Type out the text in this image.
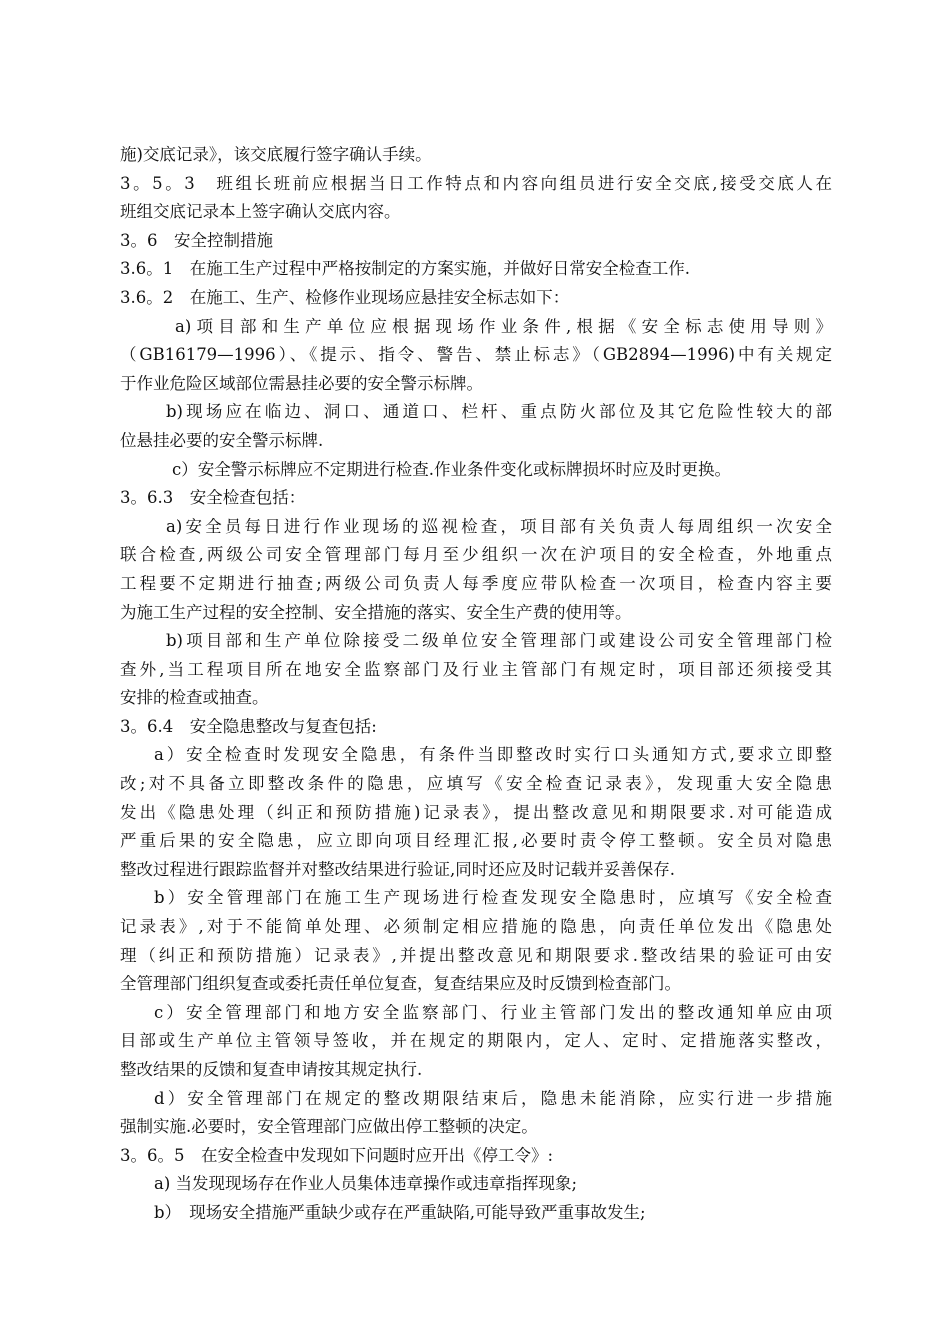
施)交底记录》，该交底履行签字确认手续。
3。5。3　班组长班前应根据当日工作特点和内容向组员进行安全交底,接受交底人在
班组交底记录本上签字确认交底内容。
3。6　安全控制措施
3.6。1　在施工生产过程中严格按制定的方案实施，并做好日常安全检查工作.
3.6。2　在施工、生产、检修作业现场应悬挂安全标志如下：
a)项目部和生产单位应根据现场作业条件,根据《安全标志使用导则》
（GB16179—1996）、《提示、指令、警告、禁止标志》（GB2894—1996)中有关规定
于作业危险区域部位需悬挂必要的安全警示标牌。
b)现场应在临边、洞口、通道口、栏杆、重点防火部位及其它危险性较大的部
位悬挂必要的安全警示标牌.
c）安全警示标牌应不定期进行检查.作业条件变化或标牌损坏时应及时更换。
3。6.3　安全检查包括：
a)安全员每日进行作业现场的巡视检查，项目部有关负责人每周组织一次安全
联合检查,两级公司安全管理部门每月至少组织一次在沪项目的安全检查，外地重点
工程要不定期进行抽查;两级公司负责人每季度应带队检查一次项目，检查内容主要
为施工生产过程的安全控制、安全措施的落实、安全生产费的使用等。
b)项目部和生产单位除接受二级单位安全管理部门或建设公司安全管理部门检
查外,当工程项目所在地安全监察部门及行业主管部门有规定时，项目部还须接受其
安排的检查或抽查。
3。6.4　安全隐患整改与复查包括:
a）安全检查时发现安全隐患，有条件当即整改时实行口头通知方式,要求立即整
改;对不具备立即整改条件的隐患，应填写《安全检查记录表》，发现重大安全隐患
发出《隐患处理（纠正和预防措施)记录表》，提出整改意见和期限要求.对可能造成
严重后果的安全隐患，应立即向项目经理汇报,必要时责令停工整顿。安全员对隐患
整改过程进行跟踪监督并对整改结果进行验证,同时还应及时记载并妥善保存.
b）安全管理部门在施工生产现场进行检查发现安全隐患时，应填写《安全检查
记录表》,对于不能简单处理、必须制定相应措施的隐患，向责任单位发出《隐患处
理（纠正和预防措施）记录表》,并提出整改意见和期限要求.整改结果的验证可由安
全管理部门组织复查或委托责任单位复查，复查结果应及时反馈到检查部门。
c）安全管理部门和地方安全监察部门、行业主管部门发出的整改通知单应由项
目部或生产单位主管领导签收，并在规定的期限内，定人、定时、定措施落实整改，
整改结果的反馈和复查申请按其规定执行.
d）安全管理部门在规定的整改期限结束后，隐患未能消除，应实行进一步措施
强制实施.必要时，安全管理部门应做出停工整顿的决定。
3。6。5　在安全检查中发现如下问题时应开出《停工令》:
a) 当发现现场存在作业人员集体违章操作或违章指挥现象;
b）　现场安全措施严重缺少或存在严重缺陷,可能导致严重事故发生;
